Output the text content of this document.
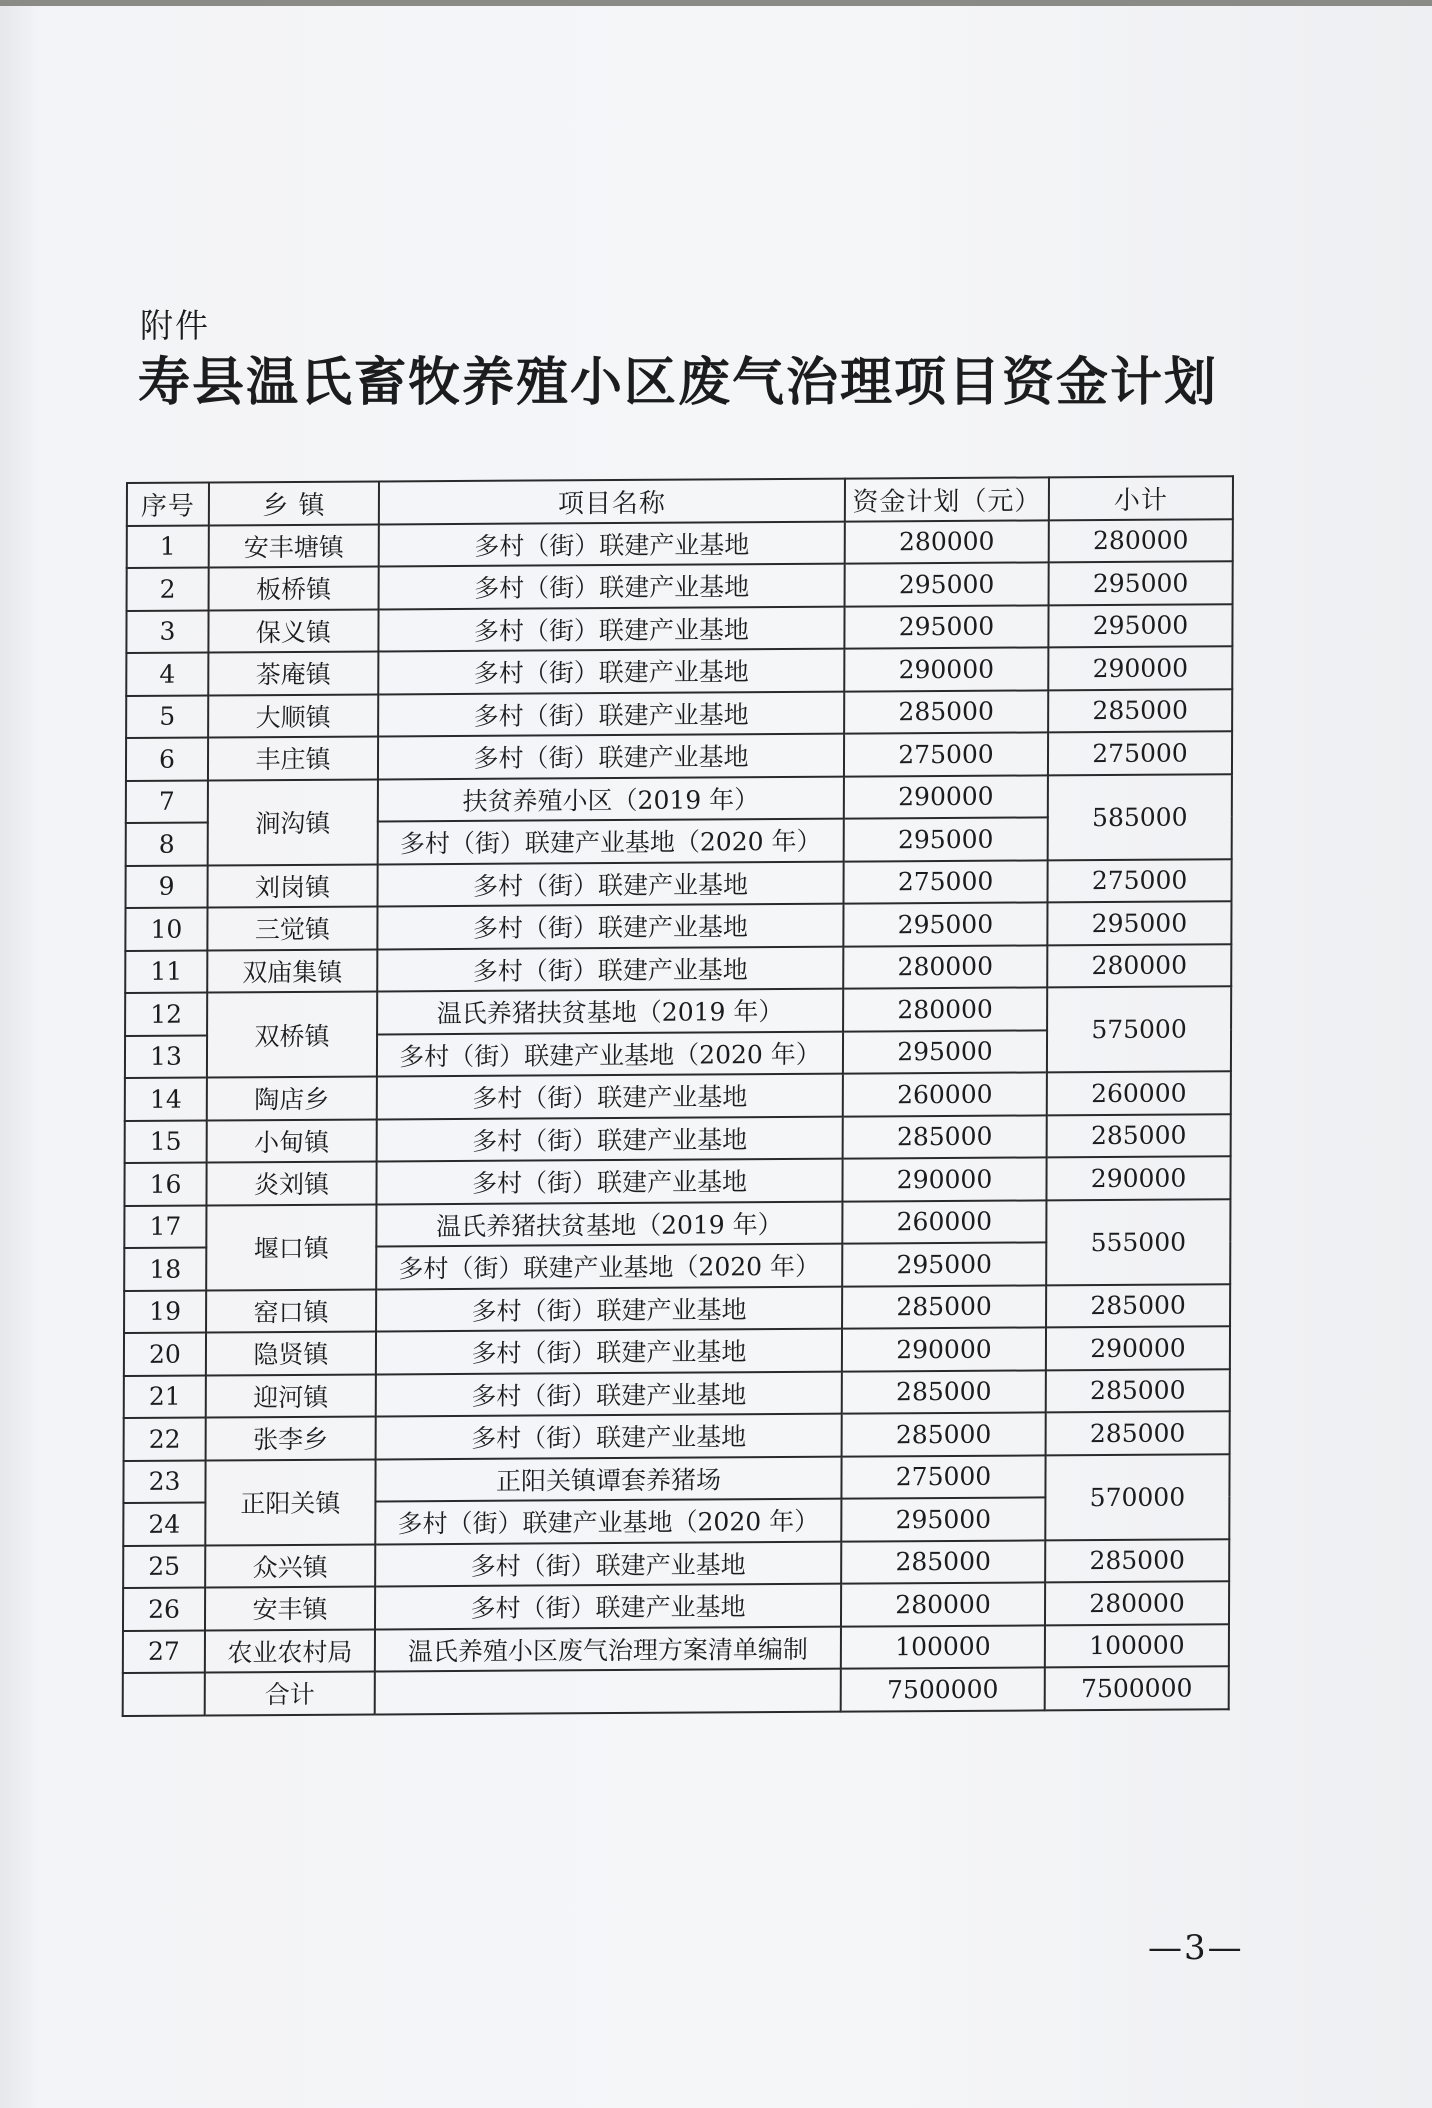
附件
寿县温氏畜牧养殖小区废气治理项目资金计划
序号	乡 镇	项目名称	资金计划（元）	小计
1	安丰塘镇	多村（街）联建产业基地	280000	280000
2	板桥镇	多村（街）联建产业基地	295000	295000
3	保义镇	多村（街）联建产业基地	295000	295000
4	茶庵镇	多村（街）联建产业基地	290000	290000
5	大顺镇	多村（街）联建产业基地	285000	285000
6	丰庄镇	多村（街）联建产业基地	275000	275000
7	涧沟镇	扶贫养殖小区（2019 年）	290000	585000
8		多村（街）联建产业基地（2020 年）	295000	
9	刘岗镇	多村（街）联建产业基地	275000	275000
10	三觉镇	多村（街）联建产业基地	295000	295000
11	双庙集镇	多村（街）联建产业基地	280000	280000
12	双桥镇	温氏养猪扶贫基地（2019 年）	280000	575000
13		多村（街）联建产业基地（2020 年）	295000	
14	陶店乡	多村（街）联建产业基地	260000	260000
15	小甸镇	多村（街）联建产业基地	285000	285000
16	炎刘镇	多村（街）联建产业基地	290000	290000
17	堰口镇	温氏养猪扶贫基地（2019 年）	260000	555000
18		多村（街）联建产业基地（2020 年）	295000	
19	窑口镇	多村（街）联建产业基地	285000	285000
20	隐贤镇	多村（街）联建产业基地	290000	290000
21	迎河镇	多村（街）联建产业基地	285000	285000
22	张李乡	多村（街）联建产业基地	285000	285000
23	正阳关镇	正阳关镇谭套养猪场	275000	570000
24		多村（街）联建产业基地（2020 年）	295000	
25	众兴镇	多村（街）联建产业基地	285000	285000
26	安丰镇	多村（街）联建产业基地	280000	280000
27	农业农村局	温氏养殖小区废气治理方案清单编制	100000	100000
	合计		7500000	7500000
—3—
